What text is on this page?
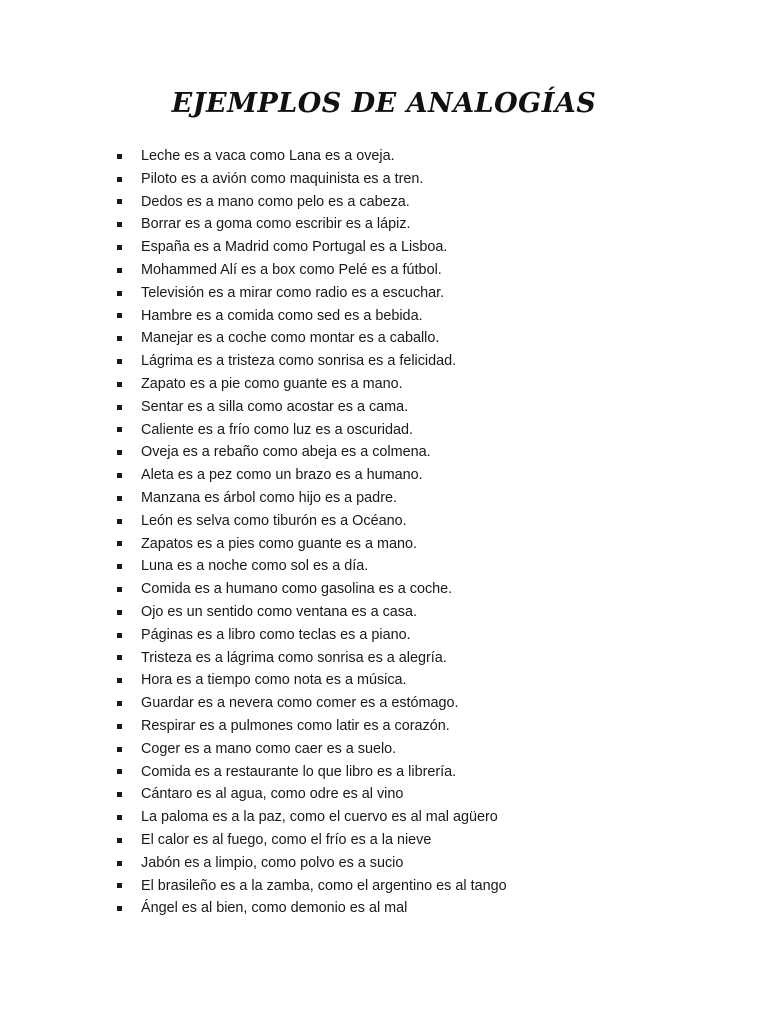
EJEMPLOS DE ANALOGÍAS
Leche es a vaca como Lana es a oveja.
Piloto es a avión como maquinista es a tren.
Dedos es a mano como pelo es a cabeza.
Borrar es a goma como escribir es a lápiz.
España es a Madrid como Portugal es a Lisboa.
Mohammed Alí es a box como Pelé es a fútbol.
Televisión es a mirar como radio es a escuchar.
Hambre es a comida como sed es a bebida.
Manejar es a coche como montar es a caballo.
Lágrima es a tristeza como sonrisa es a felicidad.
Zapato es a pie como guante es a mano.
Sentar es a silla como acostar es a cama.
Caliente es a frío como luz es a oscuridad.
Oveja es a rebaño como abeja es a colmena.
Aleta es a pez como un brazo es a humano.
Manzana es árbol como hijo es a padre.
León es selva como tiburón es a Océano.
Zapatos es a pies como guante es a mano.
Luna es a noche como sol es a día.
Comida es a humano como gasolina es a coche.
Ojo es un sentido como ventana es a casa.
Páginas es a libro como teclas es a piano.
Tristeza es a lágrima como sonrisa es a alegría.
Hora es a tiempo como nota es a música.
Guardar es a nevera como comer es a estómago.
Respirar es a pulmones como latir es a corazón.
Coger es a mano como caer es a suelo.
Comida es a restaurante lo que libro es a librería.
Cántaro es al agua, como odre es al vino
La paloma es a la paz, como el cuervo es al mal agüero
El calor es al fuego, como el frío es a la nieve
Jabón es a limpio, como polvo es a sucio
El brasileño es a la zamba, como el argentino es al tango
Ángel es al bien, como demonio es al mal
